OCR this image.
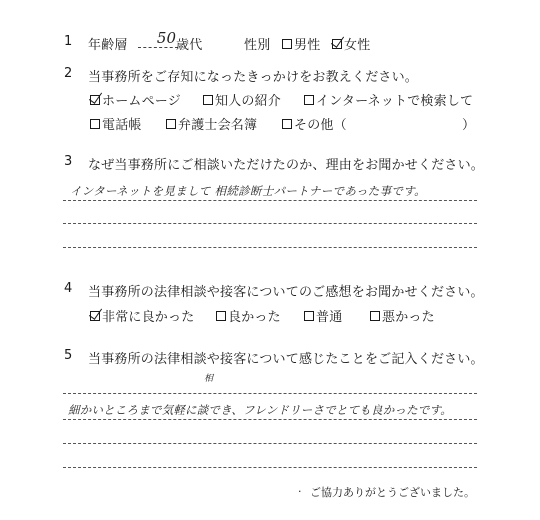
1 年齢層	50 歳代	性別 男性 女性
2 当事務所をご存知になったきっかけをお教えください。
ホームページ	知人の紹介	インターネットで検索して
電話帳	弁護士会名簿	その他（	）
3 なぜ当事務所にご相談いただけたのか、理由をお聞かせください。
インターネットを見まして 相続診断士パートナーであった事です。
4 当事務所の法律相談や接客についてのご感想をお聞かせください。
非常に良かった	良かった	普通	悪かった
5 当事務所の法律相談や接客について感じたことをご記入ください。
相
細かいところまで気軽に談でき、フレンドリーさでとても良かったです。
. ご協力ありがとうございました。
